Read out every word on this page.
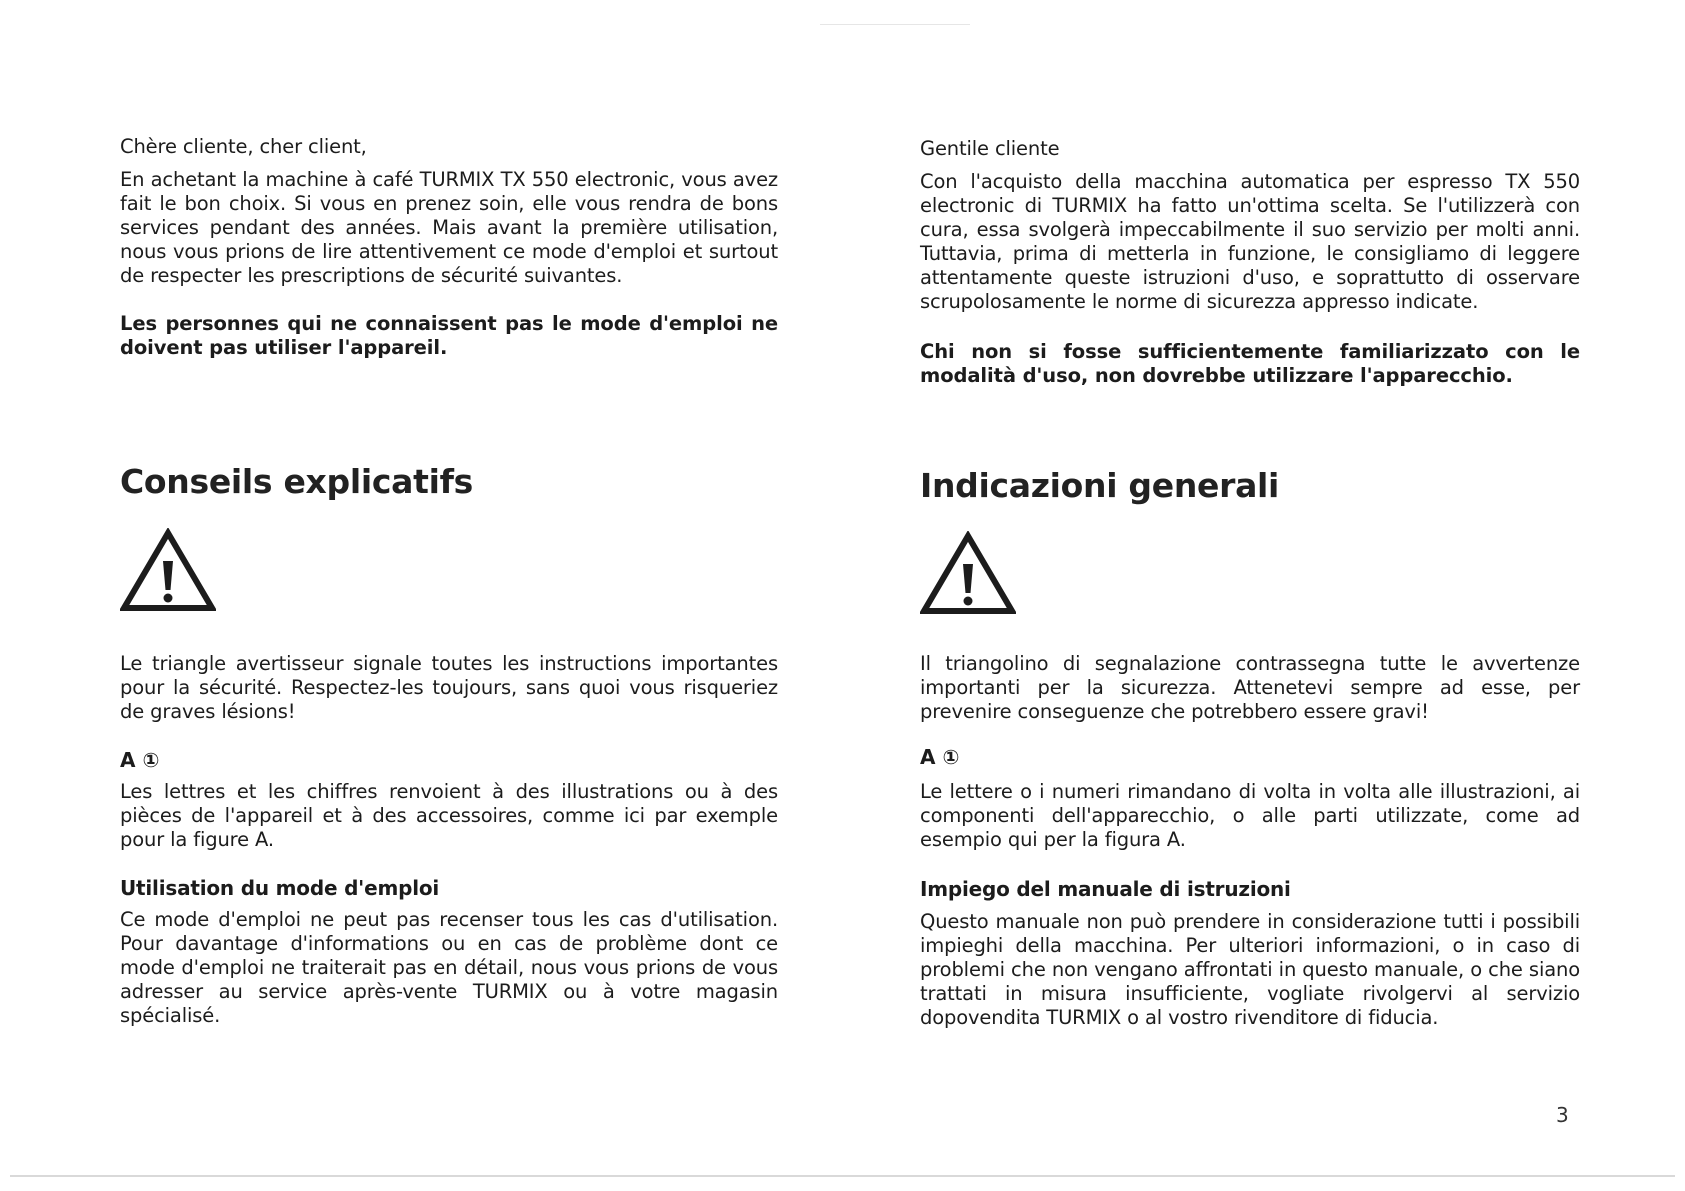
Chère cliente, cher client,

En achetant la machine à café TURMIX TX 550 electronic, vous avez fait le bon choix. Si vous en prenez soin, elle vous rendra de bons services pendant des années. Mais avant la première utilisation, nous vous prions de lire attentivement ce mode d'emploi et surtout de respecter les prescriptions de sécurité suivantes.

Les personnes qui ne connaissent pas le mode d'emploi ne doivent pas utiliser l'appareil.

Conseils explicatifs

Le triangle avertisseur signale toutes les instructions importantes pour la sécurité. Respectez-les toujours, sans quoi vous risqueriez de graves lésions!

A ①

Les lettres et les chiffres renvoient à des illustrations ou à des pièces de l'appareil et à des accessoires, comme ici par exemple pour la figure A.

Utilisation du mode d'emploi

Ce mode d'emploi ne peut pas recenser tous les cas d'utilisation. Pour davantage d'informations ou en cas de problème dont ce mode d'emploi ne traiterait pas en détail, nous vous prions de vous adresser au service après-vente TURMIX ou à votre magasin spécialisé.

Gentile cliente

Con l'acquisto della macchina automatica per espresso TX 550 electronic di TURMIX ha fatto un'ottima scelta. Se l'utilizzerà con cura, essa svolgerà impeccabilmente il suo servizio per molti anni. Tuttavia, prima di metterla in funzione, le consigliamo di leggere attentamente queste istruzioni d'uso, e soprattutto di osservare scrupolosamente le norme di sicurezza appresso indicate.

Chi non si fosse sufficientemente familiarizzato con le modalità d'uso, non dovrebbe utilizzare l'apparecchio.

Indicazioni generali

Il triangolino di segnalazione contrassegna tutte le avvertenze importanti per la sicurezza. Attenetevi sempre ad esse, per prevenire conseguenze che potrebbero essere gravi!

A ①

Le lettere o i numeri rimandano di volta in volta alle illustrazioni, ai componenti dell'apparecchio, o alle parti utilizzate, come ad esempio qui per la figura A.

Impiego del manuale di istruzioni

Questo manuale non può prendere in considerazione tutti i possibili impieghi della macchina. Per ulteriori informazioni, o in caso di problemi che non vengano affrontati in questo manuale, o che siano trattati in misura insufficiente, vogliate rivolgervi al servizio dopovendita TURMIX o al vostro rivenditore di fiducia.

3
